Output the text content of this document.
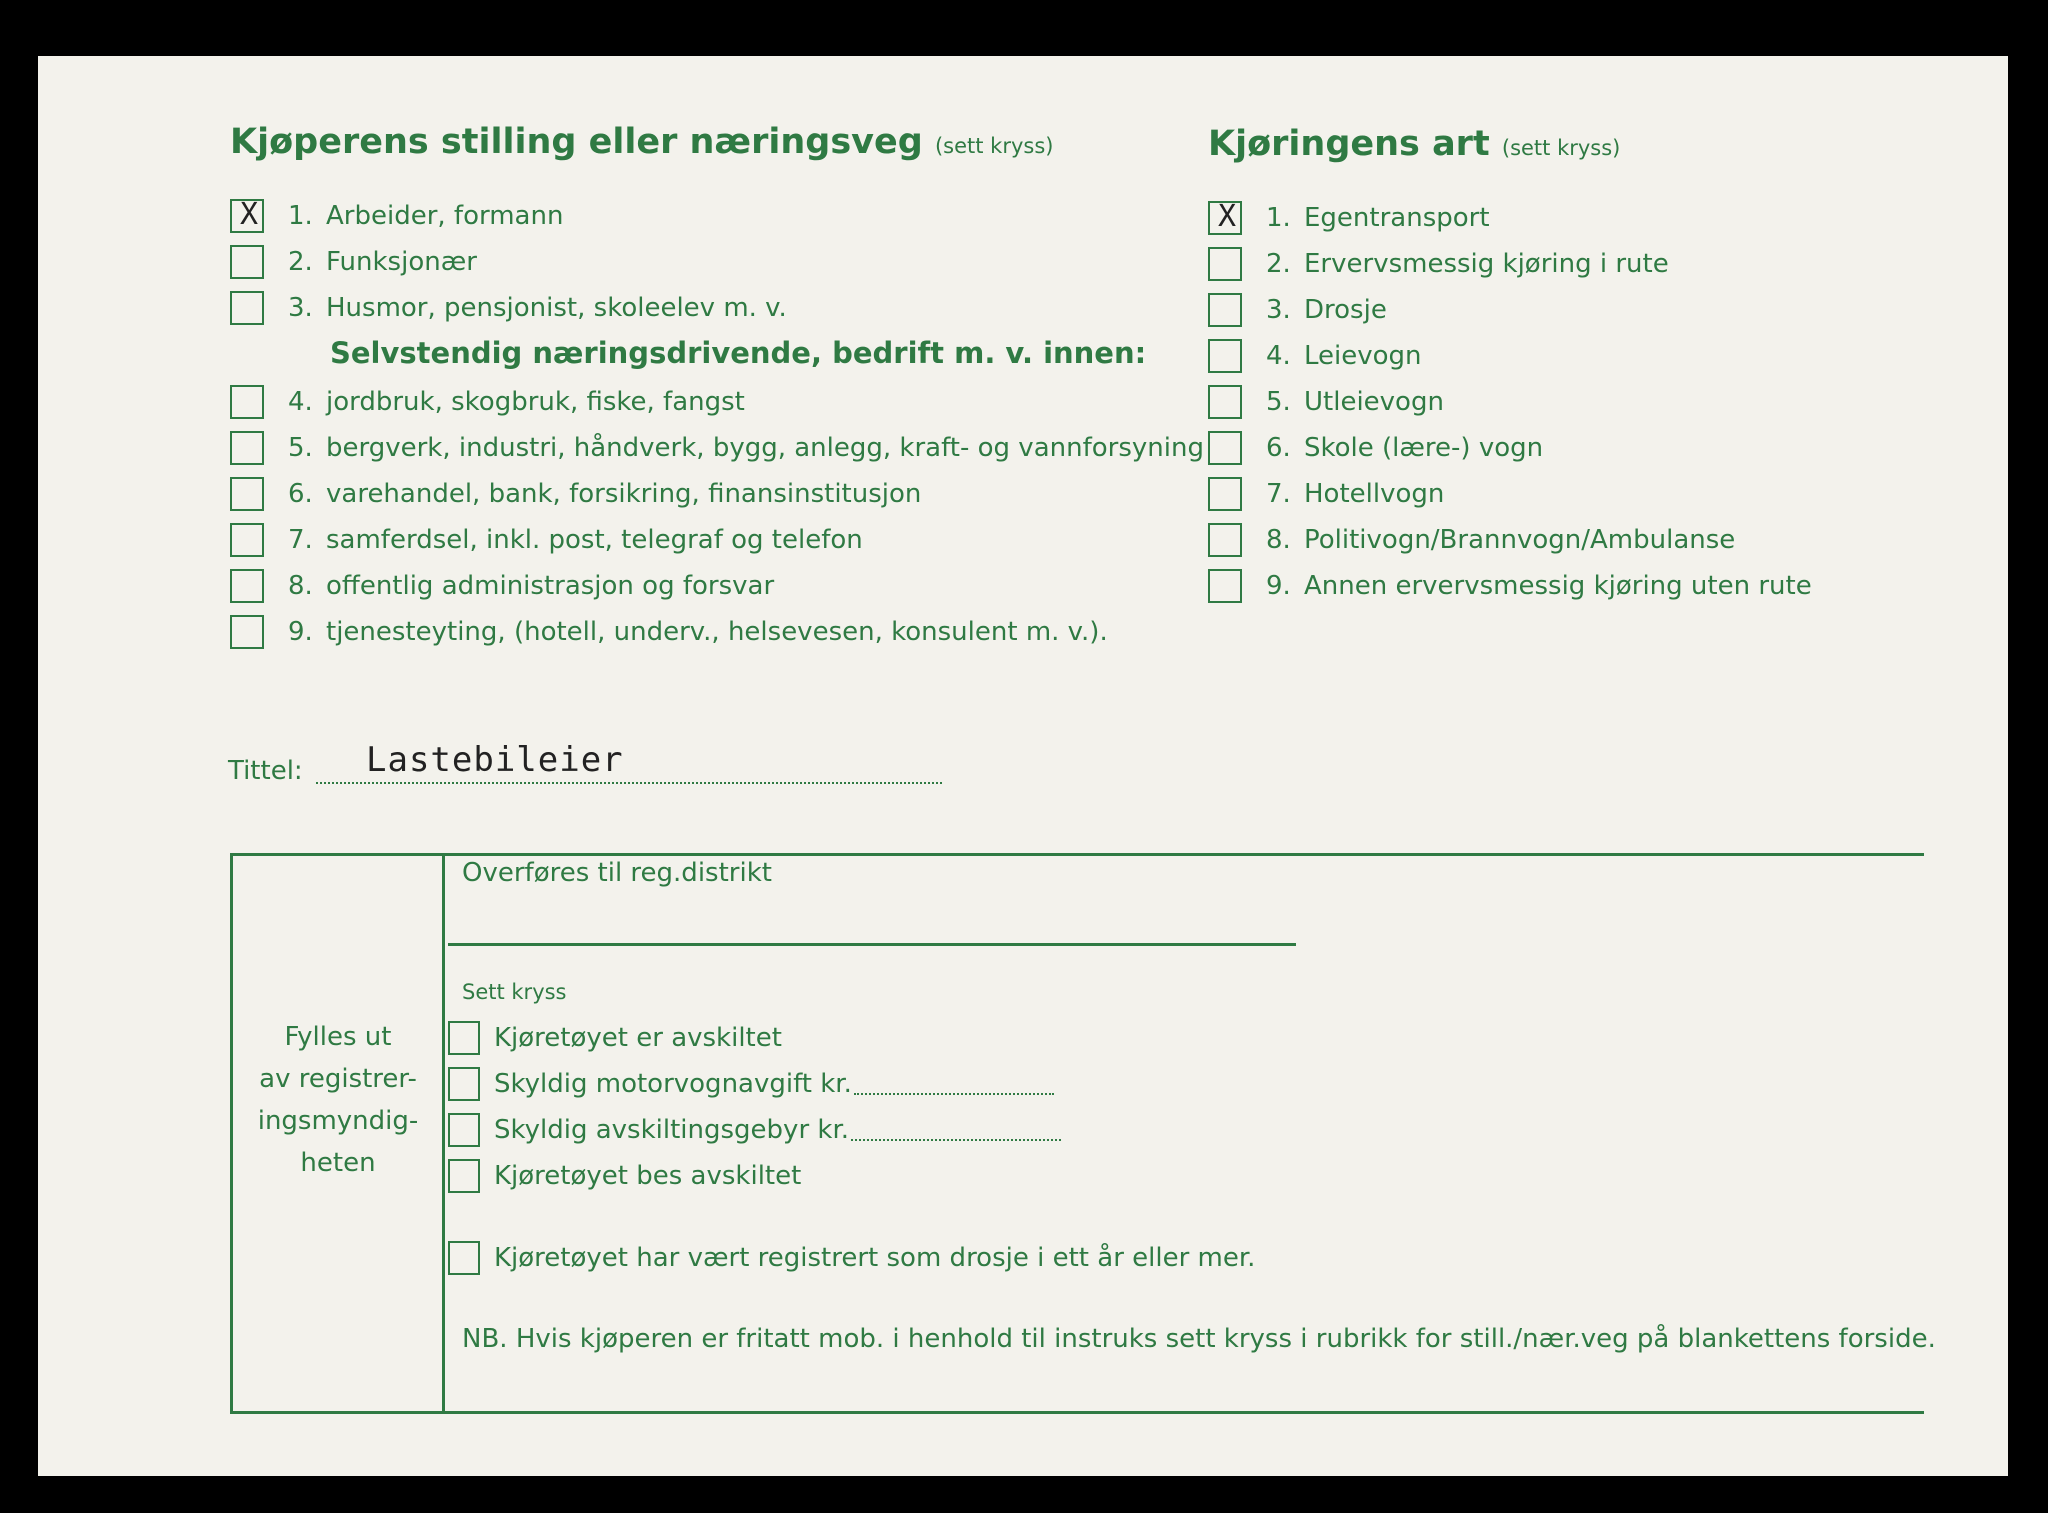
Kjøperens stilling eller næringsveg (sett kryss)	Kjøringens art (sett kryss)
X 1. Arbeider, formann
2. Funksjonær
3. Husmor, pensjonist, skoleelev m. v.
Selvstendig næringsdrivende, bedrift m. v. innen:
4. jordbruk, skogbruk, fiske, fangst
5. bergverk, industri, håndverk, bygg, anlegg, kraft- og vannforsyning
6. varehandel, bank, forsikring, finansinstitusjon
7. samferdsel, inkl. post, telegraf og telefon
8. offentlig administrasjon og forsvar
9. tjenesteyting, (hotell, underv., helsevesen, konsulent m. v.).
X 1. Egentransport
2. Ervervsmessig kjøring i rute
3. Drosje
4. Leievogn
5. Utleievogn
6. Skole (lære-) vogn
7. Hotellvogn
8. Politivogn/Brannvogn/Ambulanse
9. Annen ervervsmessig kjøring uten rute
Tittel: Lastebileier
Fylles ut
av registrer-
ingsmyndig-
heten
Overføres til reg.distrikt
Sett kryss
Kjøretøyet er avskiltet
Skyldig motorvognavgift kr.
Skyldig avskiltingsgebyr kr.
Kjøretøyet bes avskiltet
Kjøretøyet har vært registrert som drosje i ett år eller mer.
NB. Hvis kjøperen er fritatt mob. i henhold til instruks sett kryss i rubrikk for still./nær.veg på blankettens forside.
